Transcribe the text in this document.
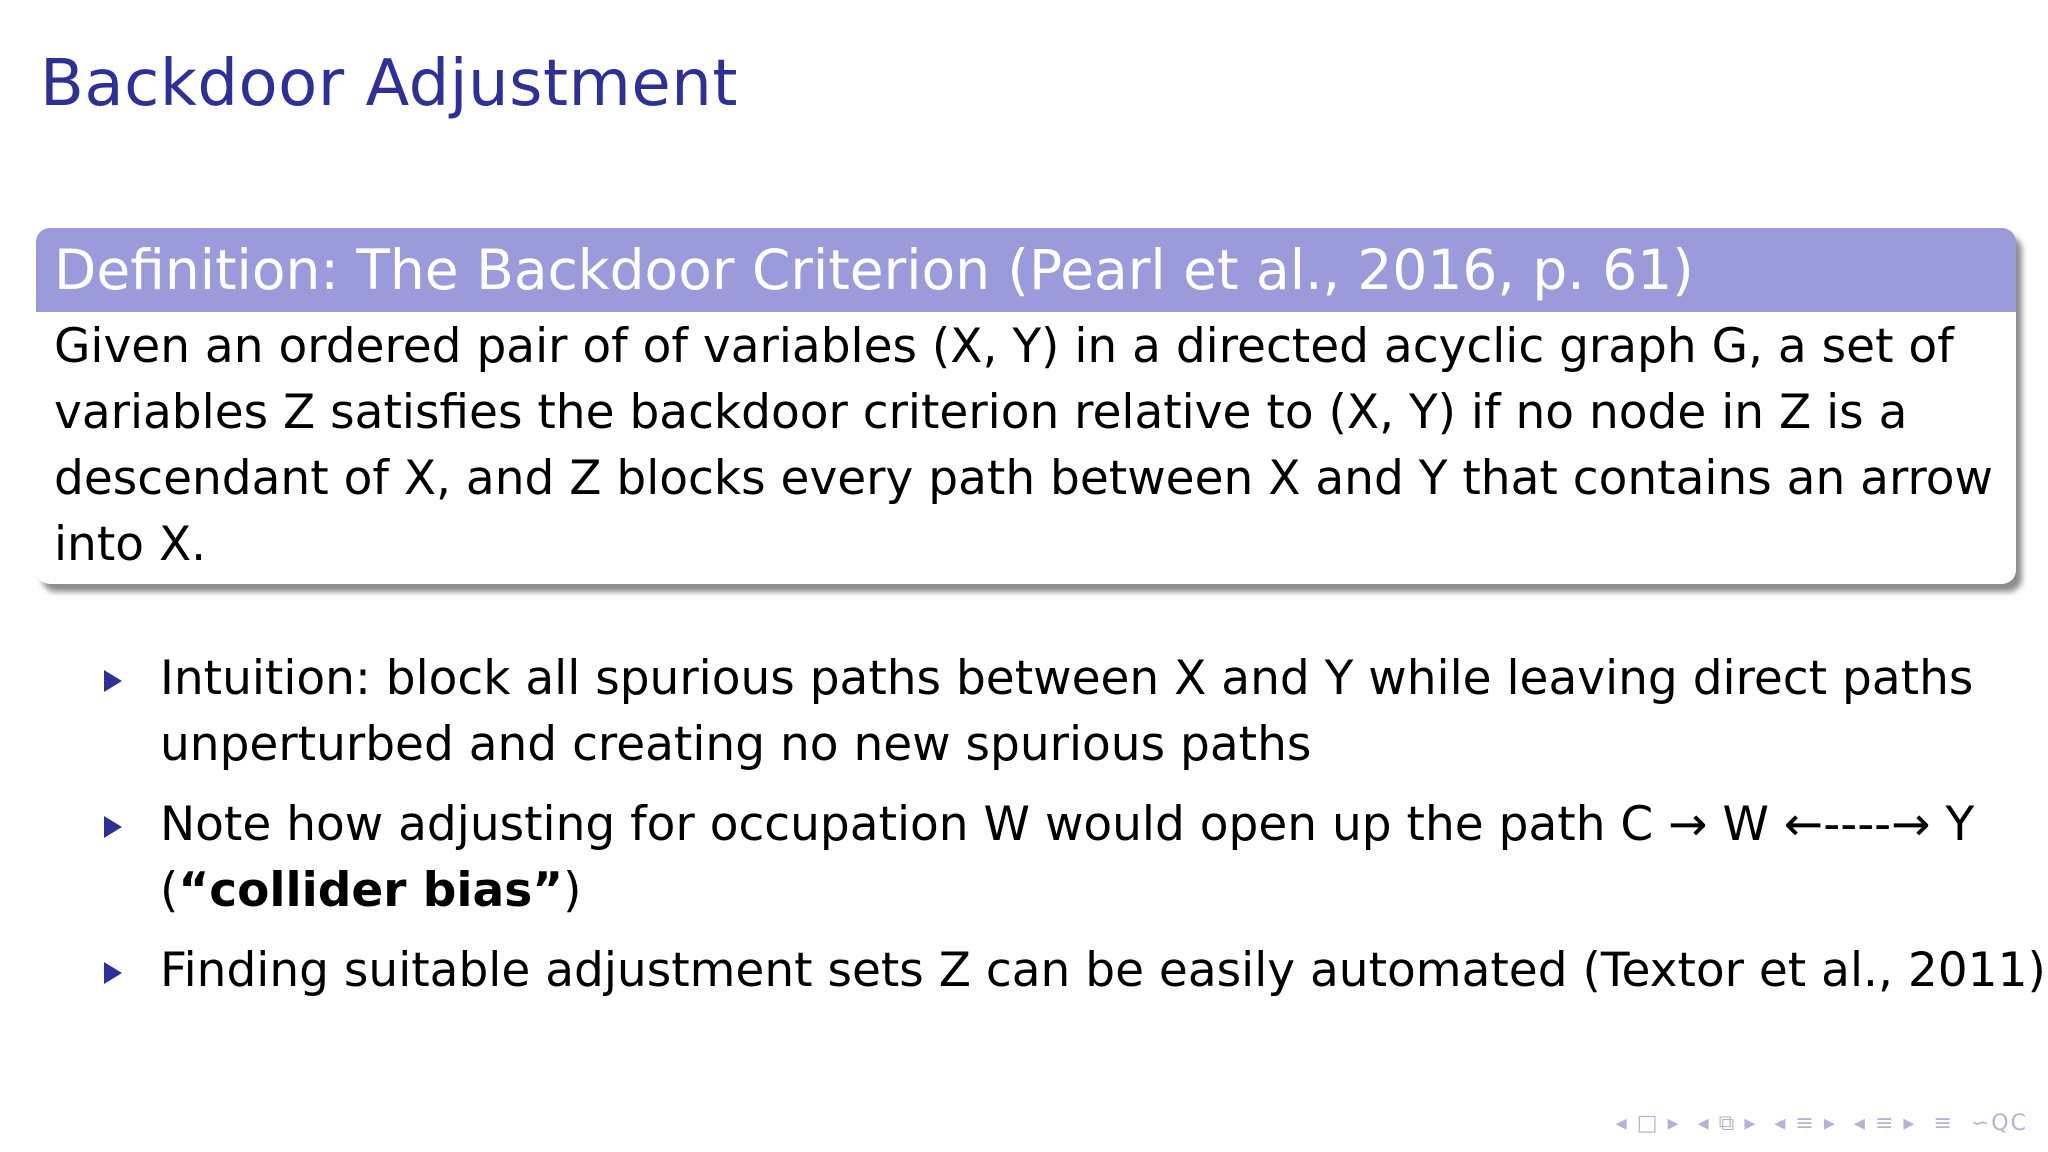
Backdoor Adjustment
Definition: The Backdoor Criterion (Pearl et al., 2016, p. 61)
Given an ordered pair of of variables (X, Y) in a directed acyclic graph G, a set of
variables Z satisfies the backdoor criterion relative to (X, Y) if no node in Z is a
descendant of X, and Z blocks every path between X and Y that contains an arrow
into X.
Intuition: block all spurious paths between X and Y while leaving direct paths
unperturbed and creating no new spurious paths
Note how adjusting for occupation W would open up the path C → W ←----→ Y
(“collider bias”)
Finding suitable adjustment sets Z can be easily automated (Textor et al., 2011)
◂ □ ▸ ◂ ⧉ ▸ ◂ ≡ ▸ ◂ ≡ ▸ ≡ ∽QC
